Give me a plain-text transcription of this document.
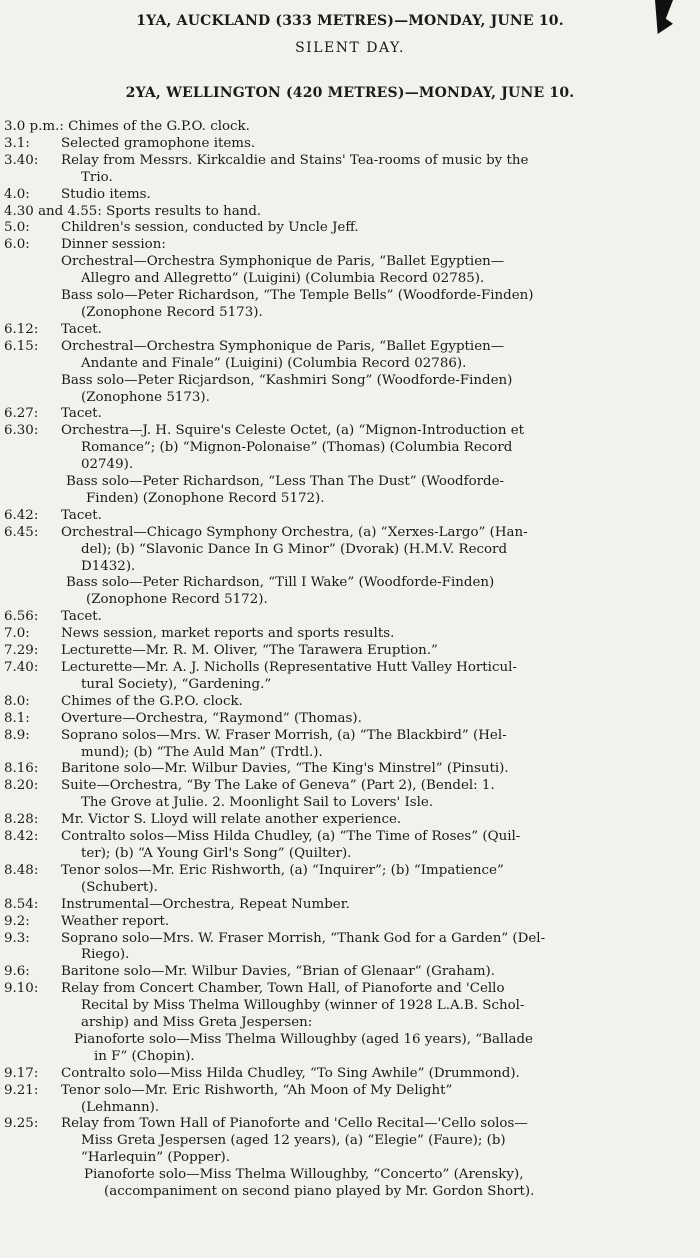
1YA, AUCKLAND (333 METRES)—MONDAY, JUNE 10.
SILENT DAY.
2YA, WELLINGTON (420 METRES)—MONDAY, JUNE 10.
3.0 p.m.: Chimes of the G.P.O. clock.
3.1: Selected gramophone items.
3.40: Relay from Messrs. Kirkcaldie and Stains' Tea-rooms of music by the
Trio.
4.0: Studio items.
4.30 and 4.55: Sports results to hand.
5.0: Children's session, conducted by Uncle Jeff.
6.0: Dinner session:
Orchestral—Orchestra Symphonique de Paris, “Ballet Egyptien—
Allegro and Allegretto” (Luigini) (Columbia Record 02785).
Bass solo—Peter Richardson, “The Temple Bells” (Woodforde-Finden)
(Zonophone Record 5173).
6.12: Tacet.
6.15: Orchestral—Orchestra Symphonique de Paris, “Ballet Egyptien—
Andante and Finale” (Luigini) (Columbia Record 02786).
Bass solo—Peter Ricjardson, “Kashmiri Song” (Woodforde-Finden)
(Zonophone 5173).
6.27: Tacet.
6.30: Orchestra—J. H. Squire's Celeste Octet, (a) “Mignon-Introduction et
Romance”; (b) “Mignon-Polonaise” (Thomas) (Columbia Record
02749).
Bass solo—Peter Richardson, “Less Than The Dust” (Woodforde-
Finden) (Zonophone Record 5172).
6.42: Tacet.
6.45: Orchestral—Chicago Symphony Orchestra, (a) “Xerxes-Largo” (Han-
del); (b) “Slavonic Dance In G Minor” (Dvorak) (H.M.V. Record
D1432).
Bass solo—Peter Richardson, “Till I Wake” (Woodforde-Finden)
(Zonophone Record 5172).
6.56: Tacet.
7.0: News session, market reports and sports results.
7.29: Lecturette—Mr. R. M. Oliver, “The Tarawera Eruption.”
7.40: Lecturette—Mr. A. J. Nicholls (Representative Hutt Valley Horticul-
tural Society), “Gardening.”
8.0: Chimes of the G.P.O. clock.
8.1: Overture—Orchestra, “Raymond” (Thomas).
8.9: Soprano solos—Mrs. W. Fraser Morrish, (a) “The Blackbird” (Hel-
mund); (b) “The Auld Man” (Trdtl.).
8.16: Baritone solo—Mr. Wilbur Davies, “The King's Minstrel” (Pinsuti).
8.20: Suite—Orchestra, “By The Lake of Geneva” (Part 2), (Bendel: 1.
The Grove at Julie. 2. Moonlight Sail to Lovers' Isle.
8.28: Mr. Victor S. Lloyd will relate another experience.
8.42: Contralto solos—Miss Hilda Chudley, (a) “The Time of Roses” (Quil-
ter); (b) “A Young Girl's Song” (Quilter).
8.48: Tenor solos—Mr. Eric Rishworth, (a) “Inquirer”; (b) “Impatience”
(Schubert).
8.54: Instrumental—Orchestra, Repeat Number.
9.2: Weather report.
9.3: Soprano solo—Mrs. W. Fraser Morrish, “Thank God for a Garden” (Del-
Riego).
9.6: Baritone solo—Mr. Wilbur Davies, “Brian of Glenaar” (Graham).
9.10: Relay from Concert Chamber, Town Hall, of Pianoforte and 'Cello
Recital by Miss Thelma Willoughby (winner of 1928 L.A.B. Schol-
arship) and Miss Greta Jespersen:
Pianoforte solo—Miss Thelma Willoughby (aged 16 years), “Ballade
in F” (Chopin).
9.17: Contralto solo—Miss Hilda Chudley, “To Sing Awhile” (Drummond).
9.21: Tenor solo—Mr. Eric Rishworth, “Ah Moon of My Delight”
(Lehmann).
9.25: Relay from Town Hall of Pianoforte and 'Cello Recital—'Cello solos—
Miss Greta Jespersen (aged 12 years), (a) “Elegie” (Faure); (b)
“Harlequin” (Popper).
Pianoforte solo—Miss Thelma Willoughby, “Concerto” (Arensky),
(accompaniment on second piano played by Mr. Gordon Short).
